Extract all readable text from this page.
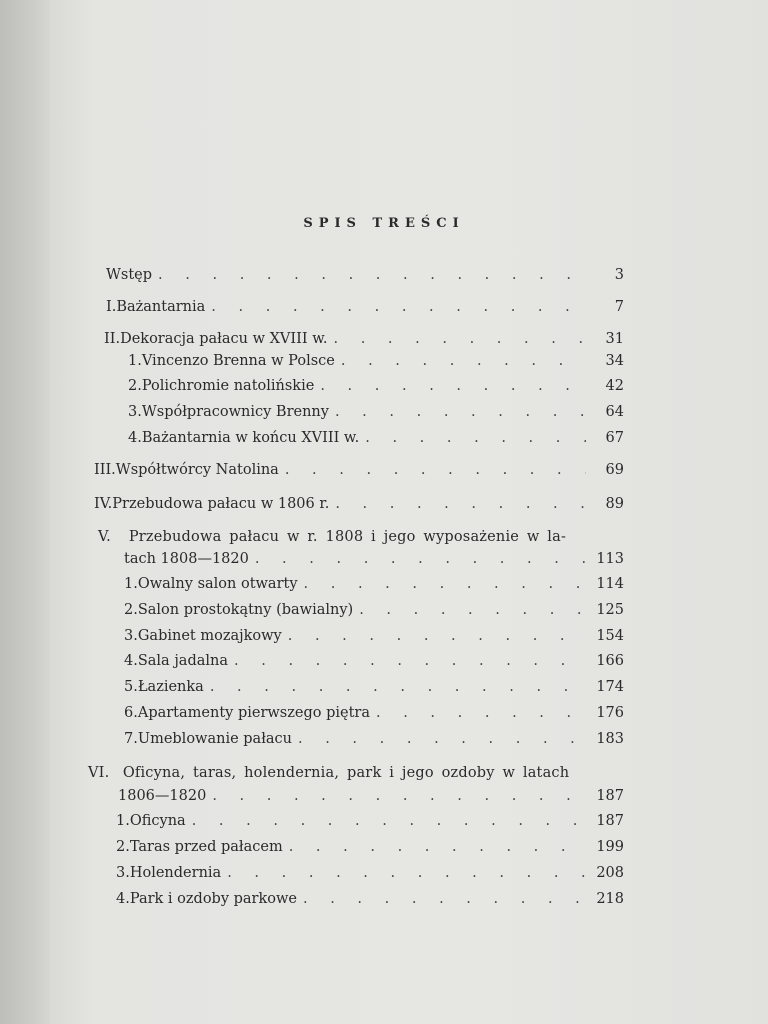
SPIS TREŚCI
Wstęp . . .	3
I. Bażantarnia . . .	7
II. Dekoracja pałacu w XVIII w. . . .	31
1. Vincenzo Brenna w Polsce . . .	34
2. Polichromie natolińskie . . .	42
3. Współpracownicy Brenny . . .	64
4. Bażantarnia w końcu XVIII w. . . .	67
III. Współtwórcy Natolina . . .	69
IV. Przebudowa pałacu w 1806 r. . . .	89
V. Przebudowa pałacu w r. 1808 i jego wyposażenie w la-
tach 1808—1820 . . .	113
1. Owalny salon otwarty . . .	114
2. Salon prostokątny (bawialny) . . .	125
3. Gabinet mozajkowy . . .	154
4. Sala jadalna . . .	166
5. Łazienka . . .	174
6. Apartamenty pierwszego piętra . . .	176
7. Umeblowanie pałacu . . .	183
VI. Oficyna, taras, holendernia, park i jego ozdoby w latach
1806—1820 . . .	187
1. Oficyna . . .	187
2. Taras przed pałacem . . .	199
3. Holendernia . . .	208
4. Park i ozdoby parkowe . . .	218
